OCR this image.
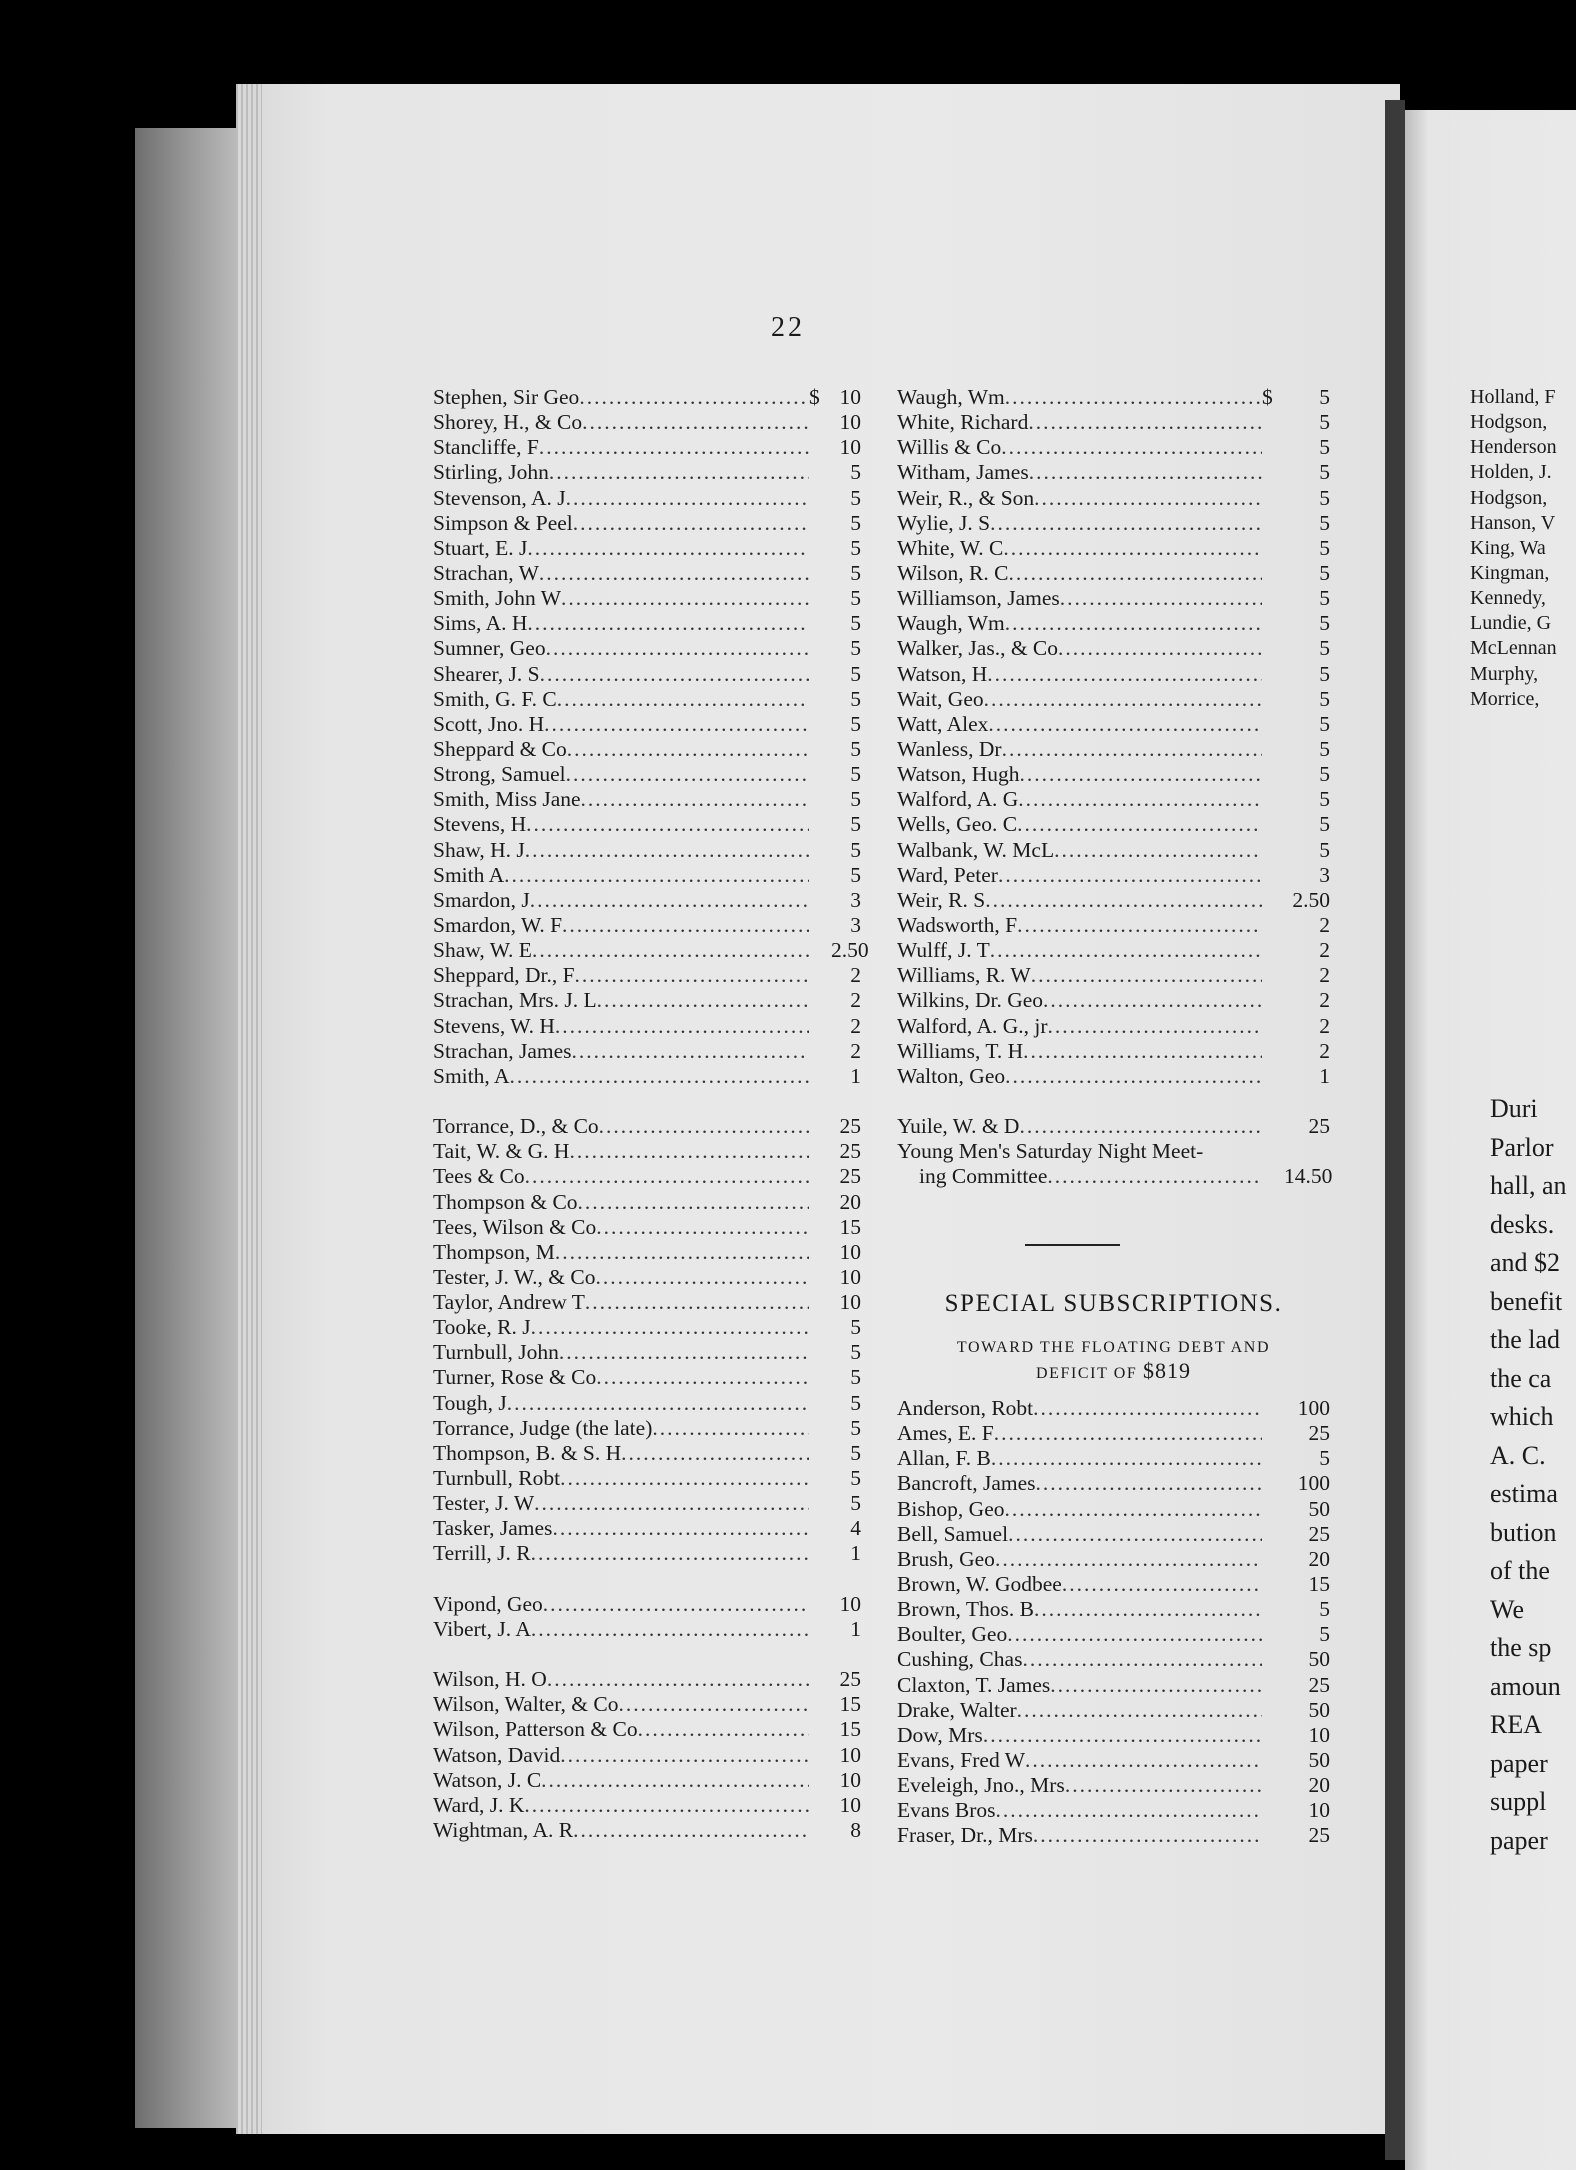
22
Stephen, Sir Geo .....	$ 10
Shorey, H., & Co .....	10
Stancliffe, F .....	10
Stirling, John .....	5
Stevenson, A. J .....	5
Simpson & Peel .....	5
Stuart, E. J .....	5
Strachan, W .....	5
Smith, John W .....	5
Sims, A. H .....	5
Sumner, Geo .....	5
Shearer, J. S .....	5
Smith, G. F. C .....	5
Scott, Jno. H .....	5
Sheppard & Co .....	5
Strong, Samuel .....	5
Smith, Miss Jane .....	5
Stevens, H .....	5
Shaw, H. J .....	5
Smith A .....	5
Smardon, J .....	3
Smardon, W. F .....	3
Shaw, W. E .....	2.50
Sheppard, Dr., F .....	2
Strachan, Mrs. J. L .....	2
Stevens, W. H .....	2
Strachan, James .....	2
Smith, A .....	1
Torrance, D., & Co .....	25
Tait, W. & G. H .....	25
Tees & Co .....	25
Thompson & Co .....	20
Tees, Wilson & Co .....	15
Thompson, M .....	10
Tester, J. W., & Co .....	10
Taylor, Andrew T .....	10
Tooke, R. J .....	5
Turnbull, John .....	5
Turner, Rose & Co .....	5
Tough, J .....	5
Torrance, Judge (the late) .....	5
Thompson, B. & S. H .....	5
Turnbull, Robt .....	5
Tester, J. W .....	5
Tasker, James .....	4
Terrill, J. R .....	1
Vipond, Geo .....	10
Vibert, J. A .....	1
Wilson, H. O .....	25
Wilson, Walter, & Co .....	15
Wilson, Patterson & Co .....	15
Watson, David .....	10
Watson, J. C .....	10
Ward, J. K .....	10
Wightman, A. R .....	8
Waugh, Wm .....	$	5
White, Richard .....	5
Willis & Co .....	5
Witham, James .....	5
Weir, R., & Son .....	5
Wylie, J. S .....	5
White, W. C .....	5
Wilson, R. C .....	5
Williamson, James .....	5
Waugh, Wm .....	5
Walker, Jas., & Co .....	5
Watson, H .....	5
Wait, Geo .....	5
Watt, Alex .....	5
Wanless, Dr .....	5
Watson, Hugh .....	5
Walford, A. G .....	5
Wells, Geo. C .....	5
Walbank, W. McL .....	5
Ward, Peter .....	3
Weir, R. S .....	2.50
Wadsworth, F .....	2
Wulff, J. T .....	2
Williams, R. W .....	2
Wilkins, Dr. Geo .....	2
Walford, A. G., jr .....	2
Williams, T. H .....	2
Walton, Geo .....	1
Yuile, W. & D .....	25
Young Men's Saturday Night Meet-
ing Committee .....	14.50
SPECIAL SUBSCRIPTIONS.
TOWARD THE FLOATING DEBT AND
DEFICIT OF $819
Anderson, Robt .....	100
Ames, E. F .....	25
Allan, F. B .....	5
Bancroft, James .....	100
Bishop, Geo .....	50
Bell, Samuel .....	25
Brush, Geo .....	20
Brown, W. Godbee .....	15
Brown, Thos. B .....	5
Boulter, Geo .....	5
Cushing, Chas .....	50
Claxton, T. James .....	25
Drake, Walter .....	50
Dow, Mrs .....	10
Evans, Fred W .....	50
Eveleigh, Jno., Mrs .....	20
Evans Bros .....	10
Fraser, Dr., Mrs .....	25
Holland, F
Hodgson,
Henderson
Holden, J.
Hodgson,
Hanson, V
King, Wa
Kingman,
Kennedy,
Lundie, G
McLennan
Murphy,
Morrice,
Duri
Parlor
hall, an
desks.
and $2
benefit
the lad
the ca
which
A. C.
estima
bution
of the
We
the sp
amoun
REA
paper
suppl
paper
